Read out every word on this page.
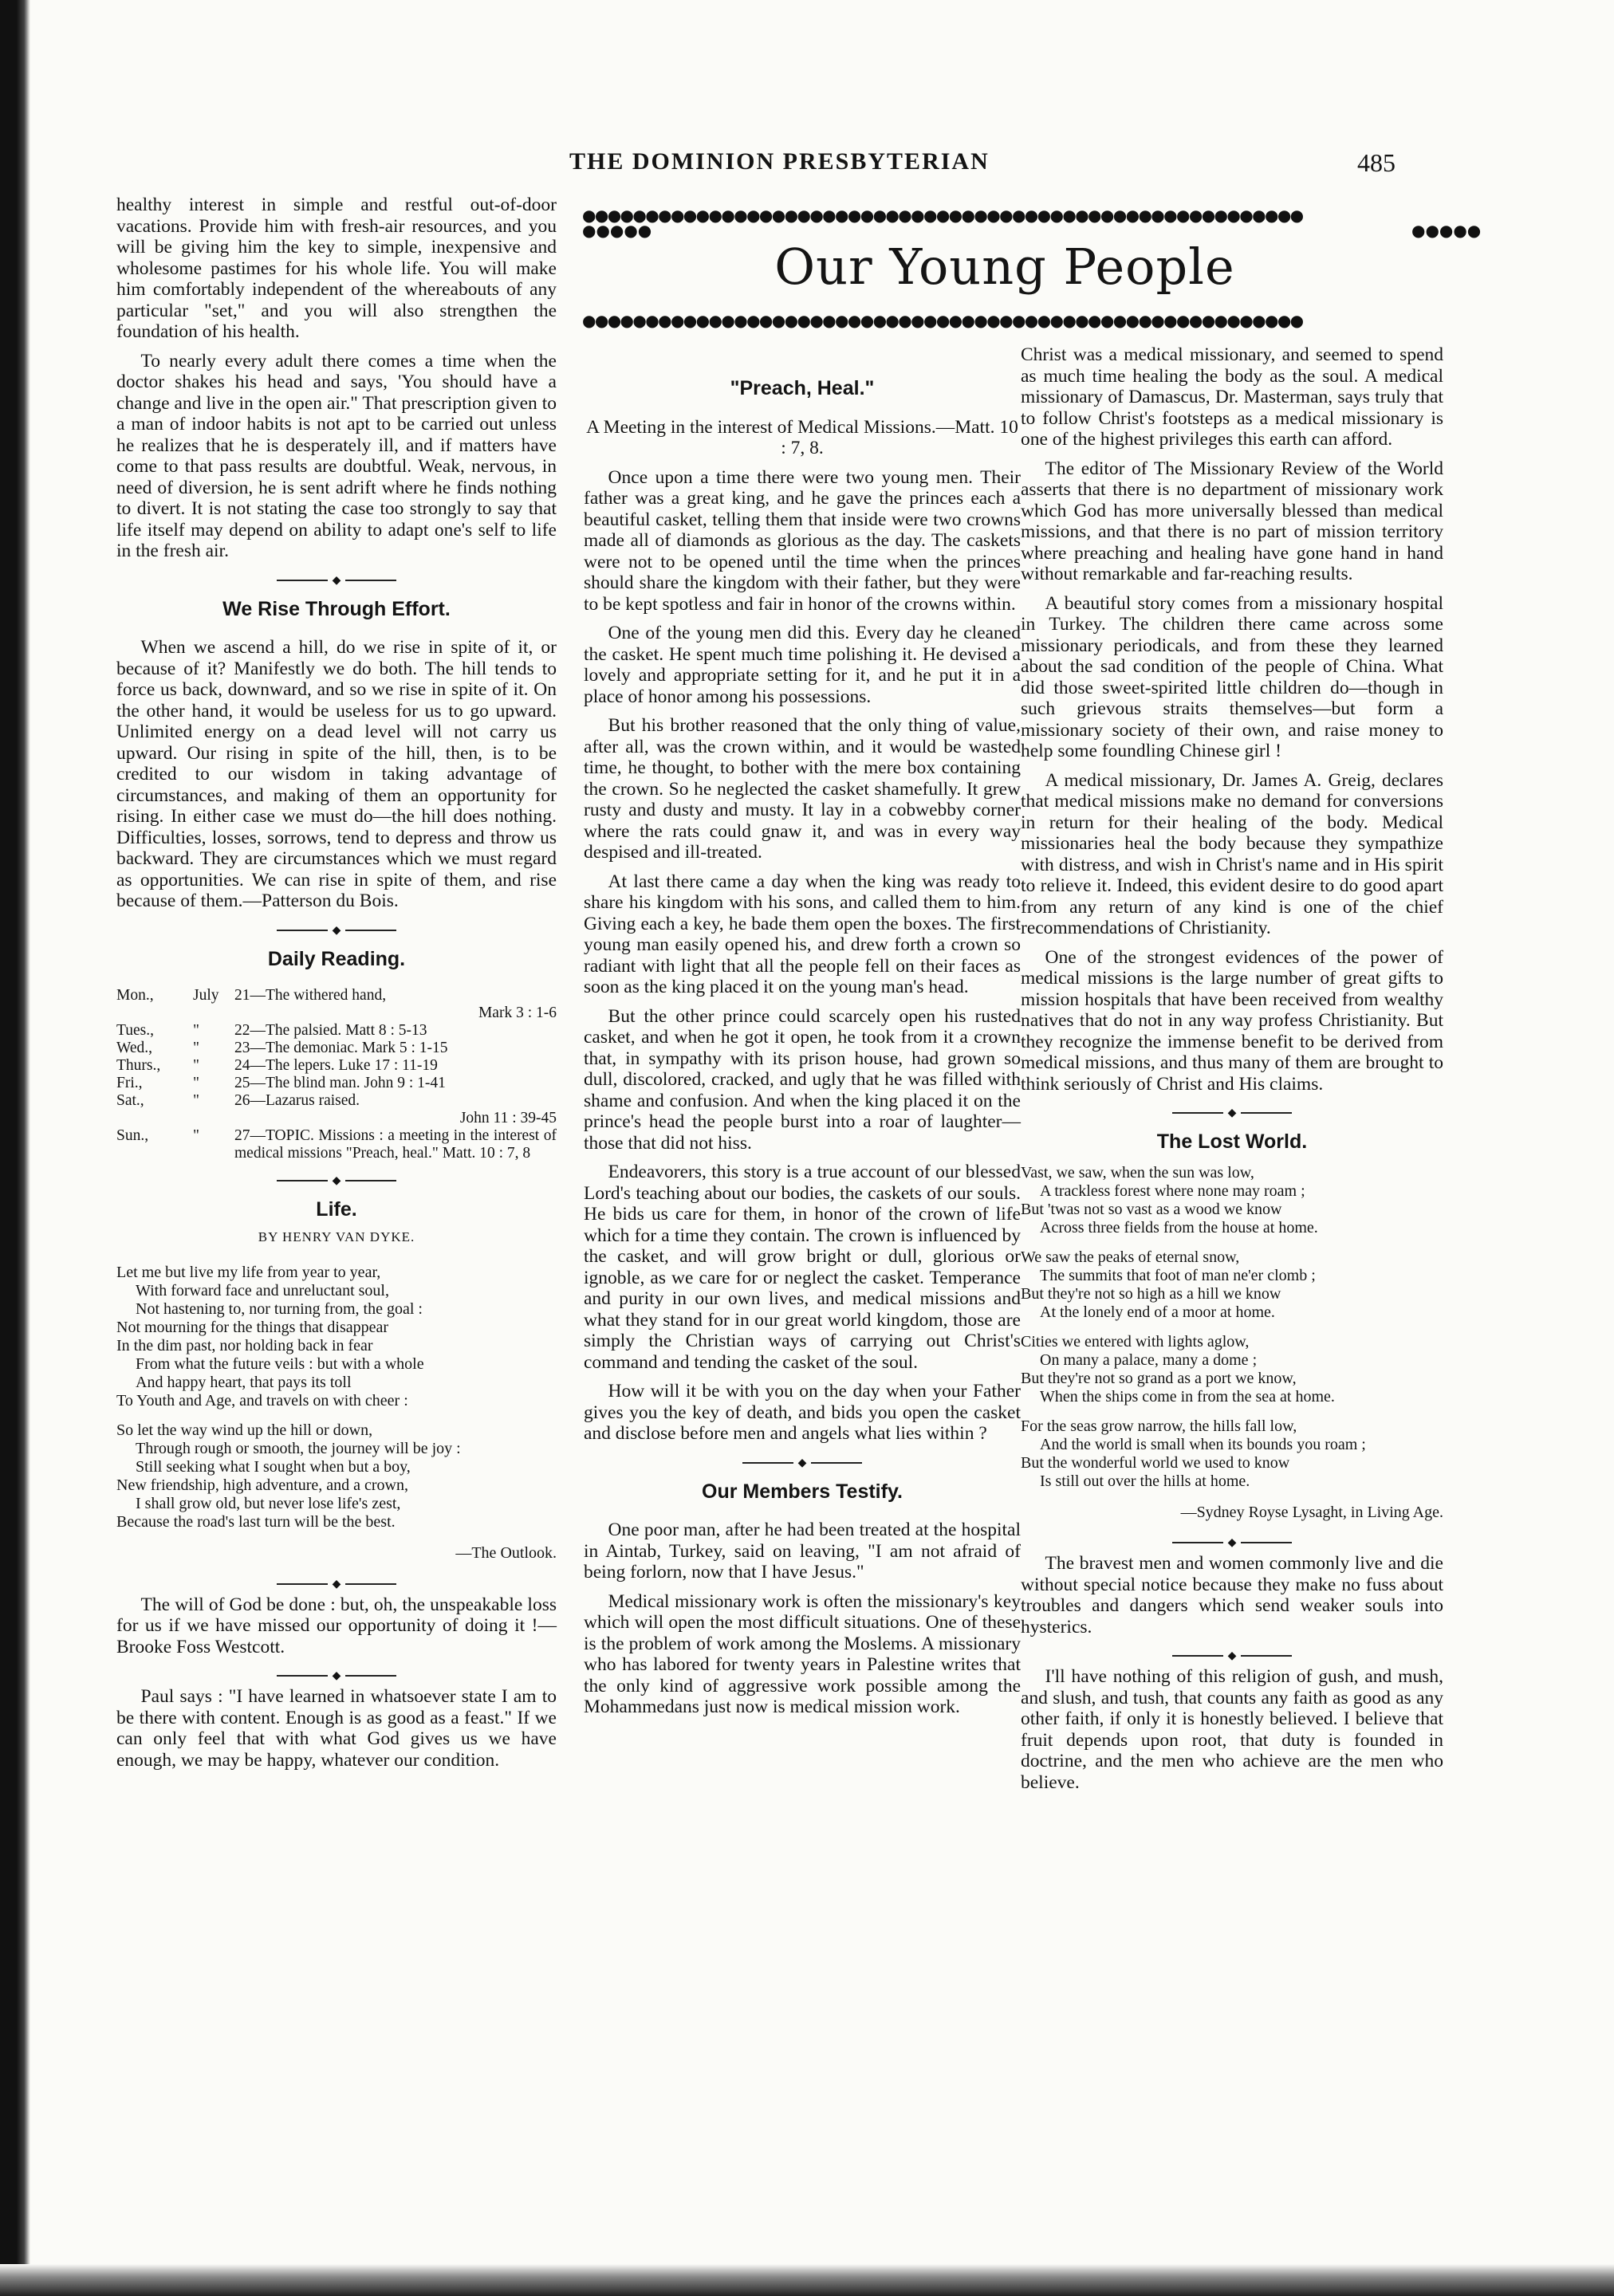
THE DOMINION PRESBYTERIAN	485

healthy interest in simple and restful out-of-door vacations. Provide him with fresh-air resources, and you will be giving him the key to simple, inexpensive and wholesome pastimes for his whole life. You will make him comfortably independent of the whereabouts of any particular "set," and you will also strengthen the foundation of his health.

To nearly every adult there comes a time when the doctor shakes his head and says, 'You should have a change and live in the open air." That prescription given to a man of indoor habits is not apt to be carried out unless he realizes that he is desperately ill, and if matters have come to that pass results are doubtful. Weak, nervous, in need of diversion, he is sent adrift where he finds nothing to divert. It is not stating the case too strongly to say that life itself may depend on ability to adapt one's self to life in the fresh air.

◆
We Rise Through Effort.

When we ascend a hill, do we rise in spite of it, or because of it? Manifestly we do both. The hill tends to force us back, downward, and so we rise in spite of it. On the other hand, it would be useless for us to go upward. Unlimited energy on a dead level will not carry us upward. Our rising in spite of the hill, then, is to be credited to our wisdom in taking advantage of circumstances, and making of them an opportunity for rising. In either case we must do—the hill does nothing. Difficulties, losses, sorrows, tend to depress and throw us backward. They are circumstances which we must regard as opportunities. We can rise in spite of them, and rise because of them.—Patterson du Bois.

◆
Daily Reading.
Mon.,	July 21—The withered hand,
Mark 3 : 1-6
Tues.,	"	22—The palsied. Matt 8 : 5-13
Wed.,	"	23—The demoniac. Mark 5 : 1-15
Thurs.,	"	24—The lepers. Luke 17 : 11-19
Fri.,	"	25—The blind man. John 9 : 1-41
Sat.,	"	26—Lazarus raised.
John 11 : 39-45
Sun.,	"	27—TOPIC. Missions : a meeting in the interest of medical missions "Preach, heal." Matt. 10 : 7, 8
◆
Life.
BY HENRY VAN DYKE.
Let me but live my life from year to year,
With forward face and unreluctant soul,
Not hastening to, nor turning from, the goal :
Not mourning for the things that disappear
In the dim past, nor holding back in fear
From what the future veils : but with a whole
And happy heart, that pays its toll
To Youth and Age, and travels on with cheer :
So let the way wind up the hill or down,
Through rough or smooth, the journey will be joy :
Still seeking what I sought when but a boy,
New friendship, high adventure, and a crown,
I shall grow old, but never lose life's zest,
Because the road's last turn will be the best.
—The Outlook.
◆

The will of God be done : but, oh, the unspeakable loss for us if we have missed our opportunity of doing it !—Brooke Foss Westcott.

◆

Paul says : "I have learned in whatsoever state I am to be there with content. Enough is as good as a feast." If we can only feel that with what God gives us we have enough, we may be happy, whatever our condition.

●●●●●●●●●●●●●●●●●●●●●●●●●●●●●●●●●●●●●●●●●●●●●●●●●●●●●●●●●
●●●●●
Our Young People
●●●●●
●●●●●●●●●●●●●●●●●●●●●●●●●●●●●●●●●●●●●●●●●●●●●●●●●●●●●●●●●
"Preach, Heal."

A Meeting in the interest of Medical Missions.—Matt. 10 : 7, 8.

Once upon a time there were two young men. Their father was a great king, and he gave the princes each a beautiful casket, telling them that inside were two crowns made all of diamonds as glorious as the day. The caskets were not to be opened until the time when the princes should share the kingdom with their father, but they were to be kept spotless and fair in honor of the crowns within.

One of the young men did this. Every day he cleaned the casket. He spent much time polishing it. He devised a lovely and appropriate setting for it, and he put it in a place of honor among his possessions.

But his brother reasoned that the only thing of value, after all, was the crown within, and it would be wasted time, he thought, to bother with the mere box containing the crown. So he neglected the casket shamefully. It grew rusty and dusty and musty. It lay in a cobwebby corner where the rats could gnaw it, and was in every way despised and ill-treated.

At last there came a day when the king was ready to share his kingdom with his sons, and called them to him. Giving each a key, he bade them open the boxes. The first young man easily opened his, and drew forth a crown so radiant with light that all the people fell on their faces as soon as the king placed it on the young man's head.

But the other prince could scarcely open his rusted casket, and when he got it open, he took from it a crown that, in sympathy with its prison house, had grown so dull, discolored, cracked, and ugly that he was filled with shame and confusion. And when the king placed it on the prince's head the people burst into a roar of laughter—those that did not hiss.

Endeavorers, this story is a true account of our blessed Lord's teaching about our bodies, the caskets of our souls. He bids us care for them, in honor of the crown of life which for a time they contain. The crown is influenced by the casket, and will grow bright or dull, glorious or ignoble, as we care for or neglect the casket. Temperance and purity in our own lives, and medical missions and what they stand for in our great world kingdom, those are simply the Christian ways of carrying out Christ's command and tending the casket of the soul.

How will it be with you on the day when your Father gives you the key of death, and bids you open the casket and disclose before men and angels what lies within ?

◆
Our Members Testify.

One poor man, after he had been treated at the hospital in Aintab, Turkey, said on leaving, "I am not afraid of being forlorn, now that I have Jesus."

Medical missionary work is often the missionary's key which will open the most difficult situations. One of these is the problem of work among the Moslems. A missionary who has labored for twenty years in Palestine writes that the only kind of aggressive work possible among the Mohammedans just now is medical mission work.

Christ was a medical missionary, and seemed to spend as much time healing the body as the soul. A medical missionary of Damascus, Dr. Masterman, says truly that to follow Christ's footsteps as a medical missionary is one of the highest privileges this earth can afford.

The editor of The Missionary Review of the World asserts that there is no department of missionary work which God has more universally blessed than medical missions, and that there is no part of mission territory where preaching and healing have gone hand in hand without remarkable and far-reaching results.

A beautiful story comes from a missionary hospital in Turkey. The children there came across some missionary periodicals, and from these they learned about the sad condition of the people of China. What did those sweet-spirited little children do—though in such grievous straits themselves—but form a missionary society of their own, and raise money to help some foundling Chinese girl !

A medical missionary, Dr. James A. Greig, declares that medical missions make no demand for conversions in return for their healing of the body. Medical missionaries heal the body because they sympathize with distress, and wish in Christ's name and in His spirit to relieve it. Indeed, this evident desire to do good apart from any return of any kind is one of the chief recommendations of Christianity.

One of the strongest evidences of the power of medical missions is the large number of great gifts to mission hospitals that have been received from wealthy natives that do not in any way profess Christianity. But they recognize the immense benefit to be derived from medical missions, and thus many of them are brought to think seriously of Christ and His claims.

◆
The Lost World.
Vast, we saw, when the sun was low,
A trackless forest where none may roam ;
But 'twas not so vast as a wood we know
Across three fields from the house at home.
We saw the peaks of eternal snow,
The summits that foot of man ne'er clomb ;
But they're not so high as a hill we know
At the lonely end of a moor at home.
Cities we entered with lights aglow,
On many a palace, many a dome ;
But they're not so grand as a port we know,
When the ships come in from the sea at home.
For the seas grow narrow, the hills fall low,
And the world is small when its bounds you roam ;
But the wonderful world we used to know
Is still out over the hills at home.
—Sydney Royse Lysaght, in Living Age.
◆

The bravest men and women commonly live and die without special notice because they make no fuss about troubles and dangers which send weaker souls into hysterics.

◆

I'll have nothing of this religion of gush, and mush, and slush, and tush, that counts any faith as good as any other faith, if only it is honestly believed. I believe that fruit depends upon root, that duty is founded in doctrine, and the men who achieve are the men who believe.
